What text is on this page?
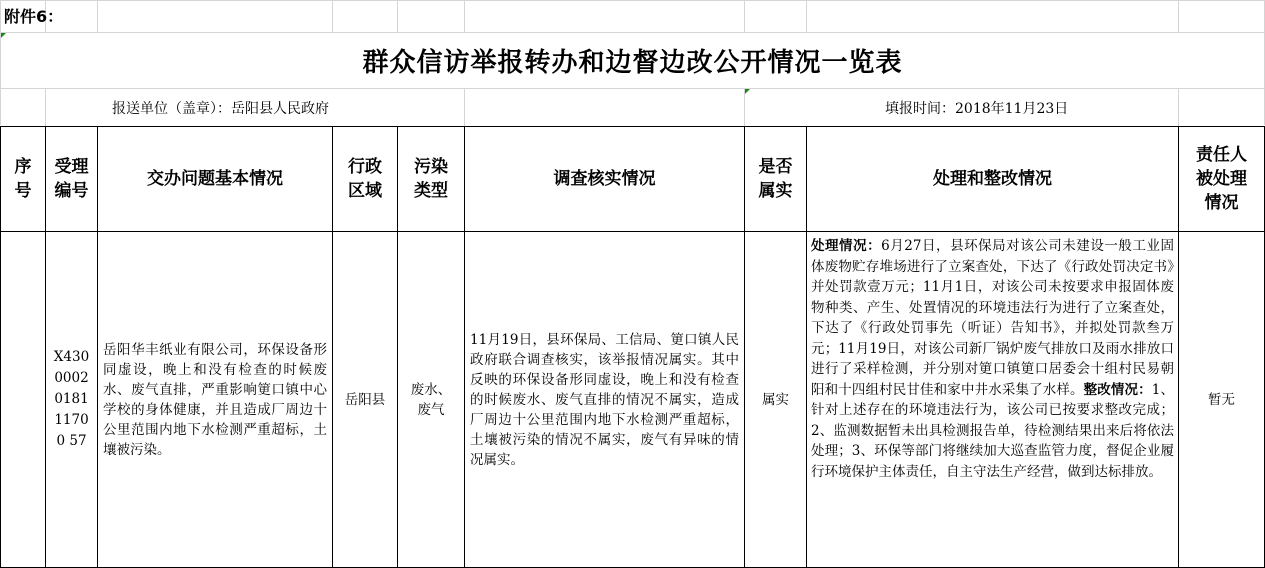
附件6：
群众信访举报转办和边督边改公开情况一览表
报送单位（盖章）：岳阳县人民政府	填报时间：2018年11月23日
序号
受理编号
交办问题基本情况
行政区域
污染类型
调查核实情况
是否属实
处理和整改情况
责任人被处理情况
X4300002018111700 57
岳阳华丰纸业有限公司，环保设备形同虚设，晚上和没有检查的时候废水、废气直排，严重影响筻口镇中心学校的身体健康，并且造成厂周边十公里范围内地下水检测严重超标，土壤被污染。
岳阳县
废水、废气
11月19日，县环保局、工信局、筻口镇人民政府联合调查核实，该举报情况属实。其中反映的环保设备形同虚设，晚上和没有检查的时候废水、废气直排的情况不属实，造成厂周边十公里范围内地下水检测严重超标，土壤被污染的情况不属实，废气有异味的情况属实。
属实
处理情况：6月27日，县环保局对该公司未建设一般工业固体废物贮存堆场进行了立案查处，下达了《行政处罚决定书》并处罚款壹万元；11月1日，对该公司未按要求申报固体废物种类、产生、处置情况的环境违法行为进行了立案查处，下达了《行政处罚事先（听证）告知书》，并拟处罚款叁万元；11月19日，对该公司新厂锅炉废气排放口及雨水排放口进行了采样检测，并分别对筻口镇筻口居委会十组村民易朝阳和十四组村民甘佳和家中井水采集了水样。整改情况：1、针对上述存在的环境违法行为，该公司已按要求整改完成；2、监测数据暂未出具检测报告单，待检测结果出来后将依法处理；3、环保等部门将继续加大巡查监管力度，督促企业履行环境保护主体责任，自主守法生产经营，做到达标排放。
暂无
